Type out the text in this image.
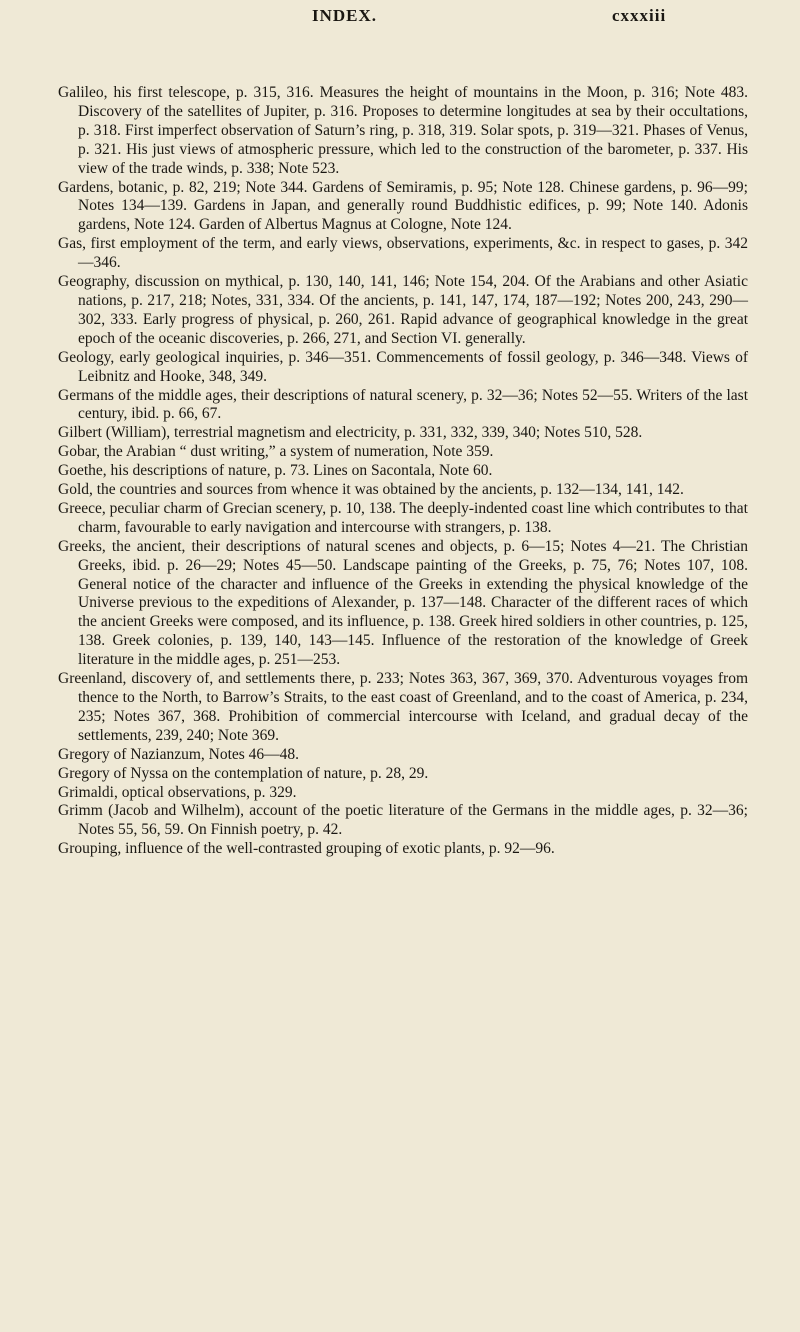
INDEX.	cxxxiii

Galileo, his first telescope, p. 315, 316. Measures the height of mountains in the Moon, p. 316; Note 483. Discovery of the satellites of Jupiter, p. 316. Proposes to determine longitudes at sea by their occultations, p. 318. First imperfect observation of Saturn’s ring, p. 318, 319. Solar spots, p. 319—321. Phases of Venus, p. 321. His just views of atmospheric pressure, which led to the construction of the barometer, p. 337. His view of the trade winds, p. 338; Note 523.

Gardens, botanic, p. 82, 219; Note 344. Gardens of Semiramis, p. 95; Note 128. Chinese gardens, p. 96—99; Notes 134—139. Gardens in Japan, and generally round Buddhistic edifices, p. 99; Note 140. Adonis gardens, Note 124. Garden of Albertus Magnus at Cologne, Note 124.

Gas, first employment of the term, and early views, observations, experiments, &c. in respect to gases, p. 342—346.

Geography, discussion on mythical, p. 130, 140, 141, 146; Note 154, 204. Of the Arabians and other Asiatic nations, p. 217, 218; Notes, 331, 334. Of the ancients, p. 141, 147, 174, 187—192; Notes 200, 243, 290—302, 333. Early progress of physical, p. 260, 261. Rapid advance of geographical knowledge in the great epoch of the oceanic discoveries, p. 266, 271, and Section VI. generally.

Geology, early geological inquiries, p. 346—351. Commencements of fossil geology, p. 346—348. Views of Leibnitz and Hooke, 348, 349.

Germans of the middle ages, their descriptions of natural scenery, p. 32—36; Notes 52—55. Writers of the last century, ibid. p. 66, 67.

Gilbert (William), terrestrial magnetism and electricity, p. 331, 332, 339, 340; Notes 510, 528.

Gobar, the Arabian “ dust writing,” a system of numeration, Note 359.

Goethe, his descriptions of nature, p. 73. Lines on Sacontala, Note 60.

Gold, the countries and sources from whence it was obtained by the ancients, p. 132—134, 141, 142.

Greece, peculiar charm of Grecian scenery, p. 10, 138. The deeply-indented coast line which contributes to that charm, favourable to early navigation and intercourse with strangers, p. 138.

Greeks, the ancient, their descriptions of natural scenes and objects, p. 6—15; Notes 4—21. The Christian Greeks, ibid. p. 26—29; Notes 45—50. Landscape painting of the Greeks, p. 75, 76; Notes 107, 108. General notice of the character and influence of the Greeks in extending the physical knowledge of the Universe previous to the expeditions of Alexander, p. 137—148. Character of the different races of which the ancient Greeks were composed, and its influence, p. 138. Greek hired soldiers in other countries, p. 125, 138. Greek colonies, p. 139, 140, 143—145. Influence of the restoration of the knowledge of Greek literature in the middle ages, p. 251—253.

Greenland, discovery of, and settlements there, p. 233; Notes 363, 367, 369, 370. Adventurous voyages from thence to the North, to Barrow’s Straits, to the east coast of Greenland, and to the coast of America, p. 234, 235; Notes 367, 368. Prohibition of commercial intercourse with Iceland, and gradual decay of the settlements, 239, 240; Note 369.

Gregory of Nazianzum, Notes 46—48.

Gregory of Nyssa on the contemplation of nature, p. 28, 29.

Grimaldi, optical observations, p. 329.

Grimm (Jacob and Wilhelm), account of the poetic literature of the Germans in the middle ages, p. 32—36; Notes 55, 56, 59. On Finnish poetry, p. 42.

Grouping, influence of the well-contrasted grouping of exotic plants, p. 92—96.
